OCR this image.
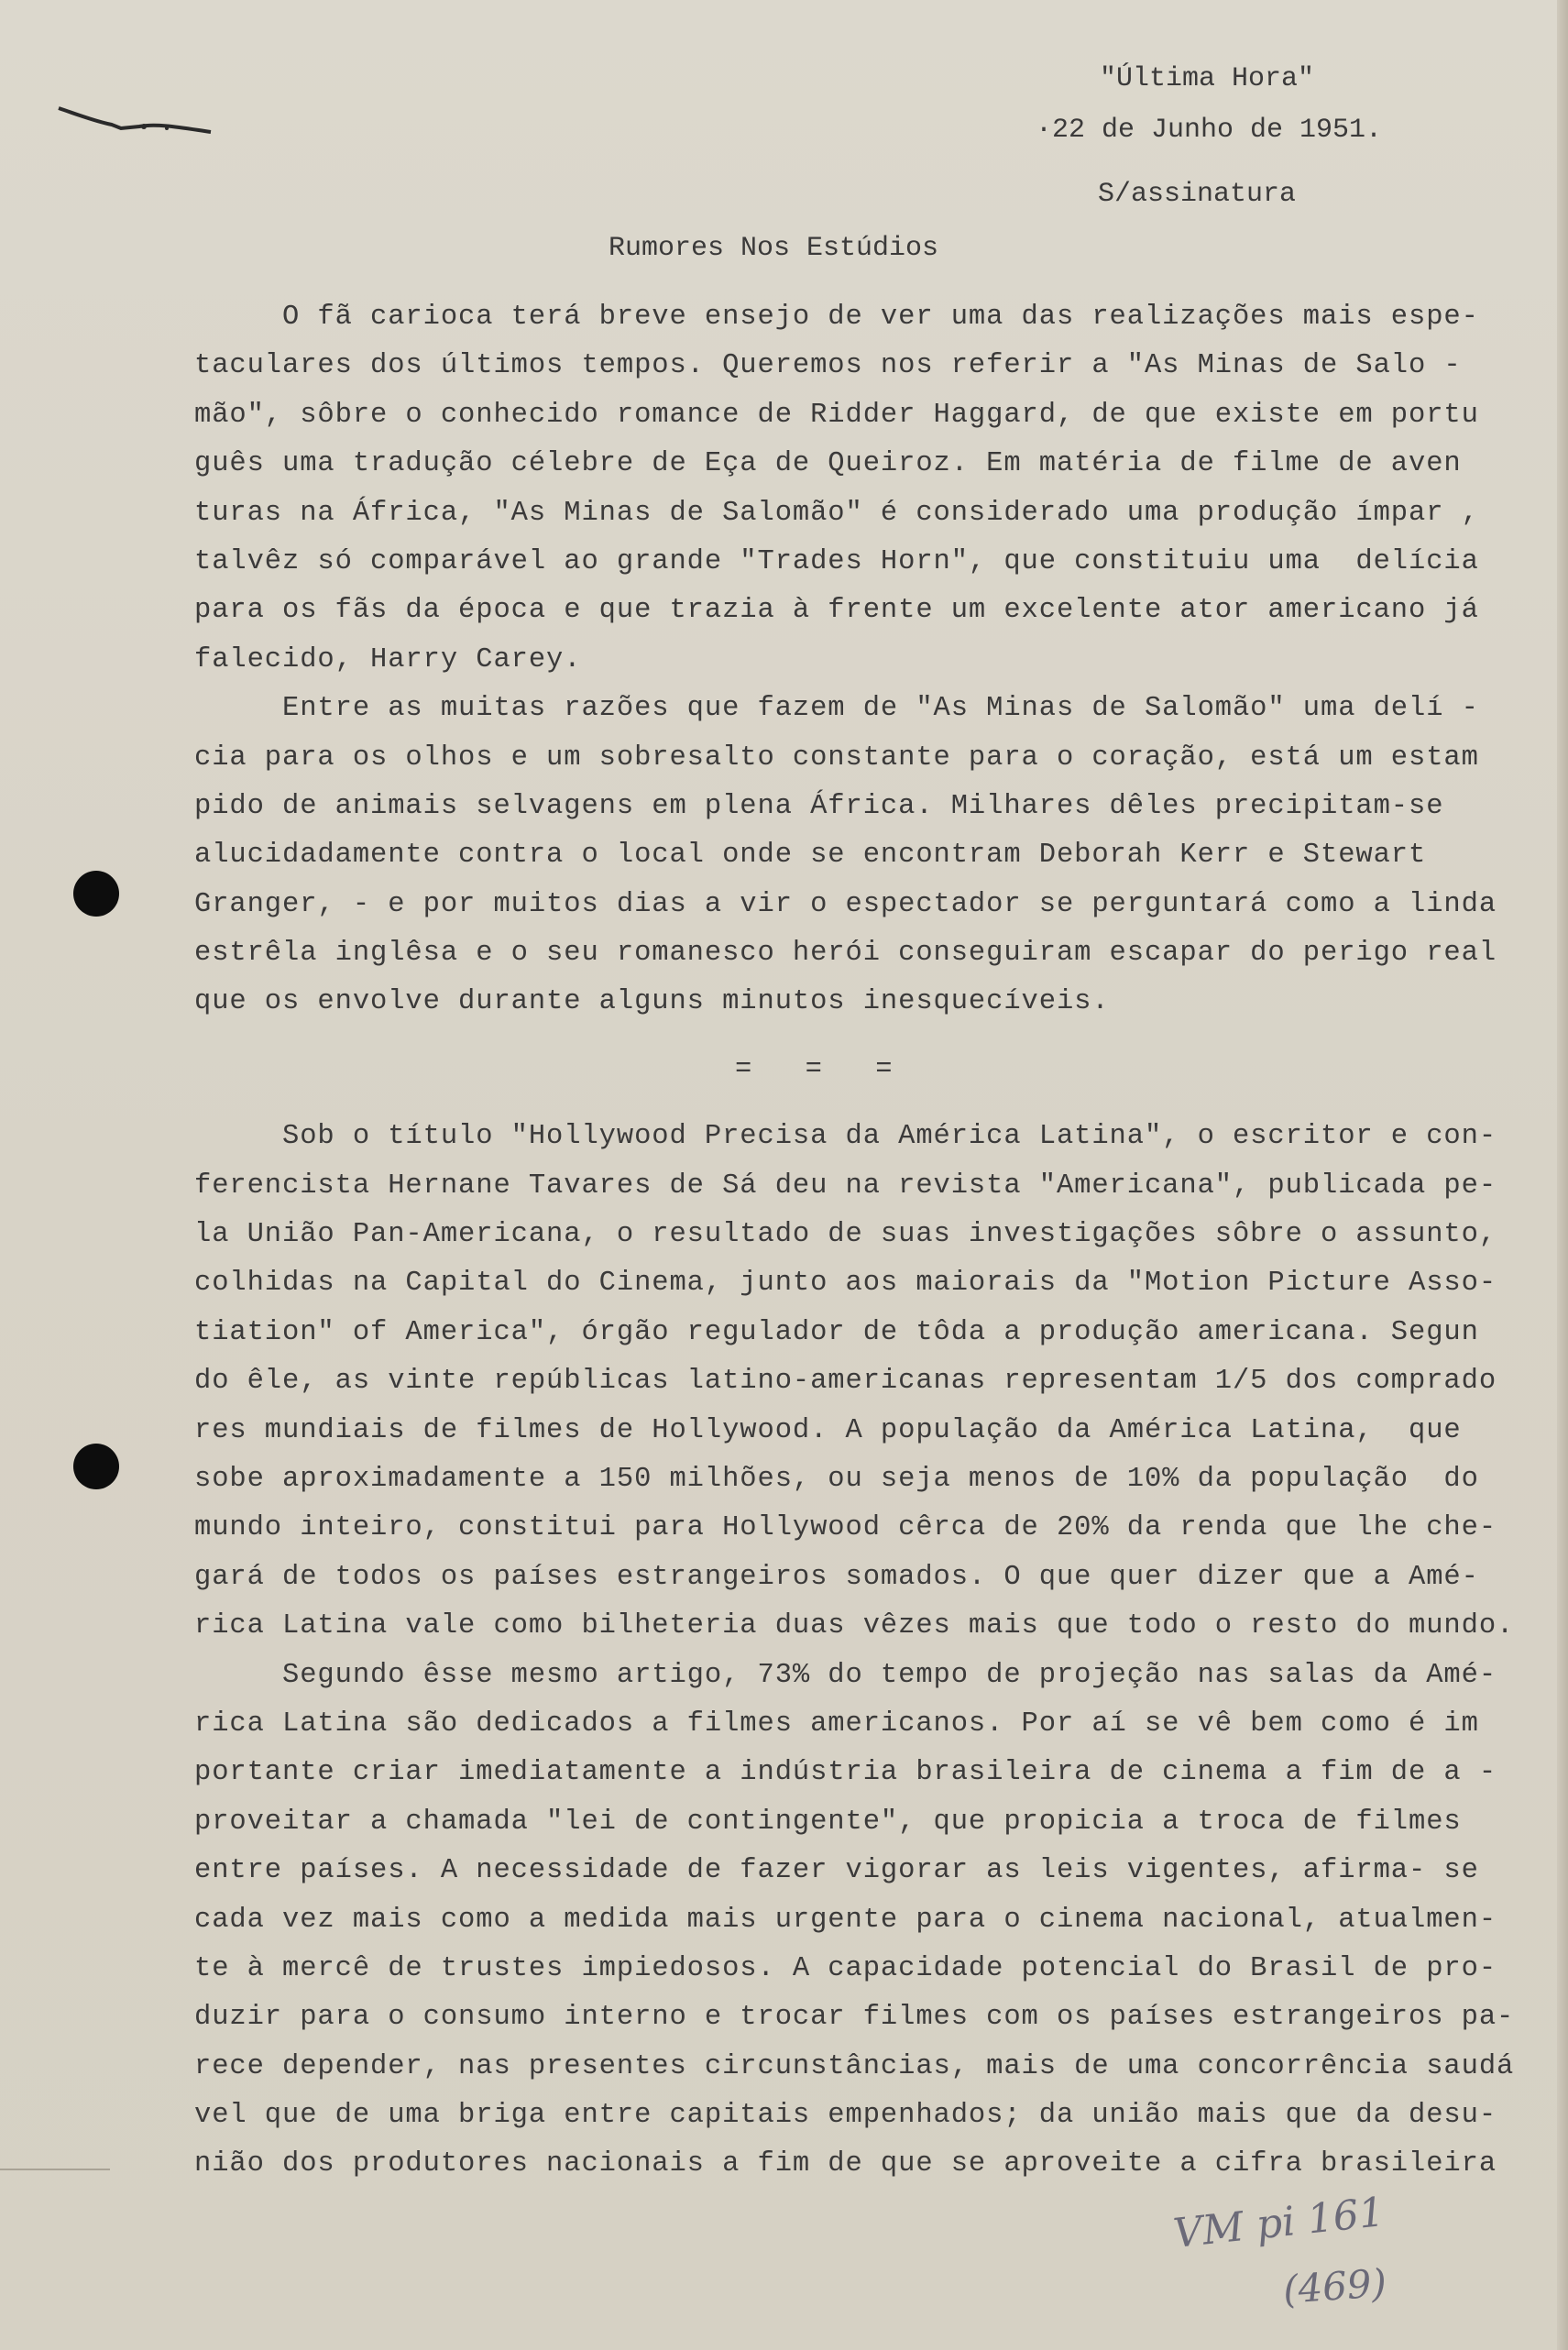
"Última Hora"
·22 de Junho de 1951.
S/assinatura
Rumores Nos Estúdios
O fã carioca terá breve ensejo de ver uma das realizações mais espe-
taculares dos últimos tempos. Queremos nos referir a "As Minas de Salo -
mão", sôbre o conhecido romance de Ridder Haggard, de que existe em portu
guês uma tradução célebre de Eça de Queiroz. Em matéria de filme de aven
turas na África, "As Minas de Salomão" é considerado uma produção ímpar ,
talvêz só comparável ao grande "Trades Horn", que constituiu uma  delícia
para os fãs da época e que trazia à frente um excelente ator americano já
falecido, Harry Carey.
Entre as muitas razões que fazem de "As Minas de Salomão" uma delí -
cia para os olhos e um sobresalto constante para o coração, está um estam
pido de animais selvagens em plena África. Milhares dêles precipitam-se
alucidadamente contra o local onde se encontram Deborah Kerr e Stewart
Granger, - e por muitos dias a vir o espectador se perguntará como a linda
estrêla inglêsa e o seu romanesco herói conseguiram escapar do perigo real
que os envolve durante alguns minutos inesquecíveis.
= = =
Sob o título "Hollywood Precisa da América Latina", o escritor e con-
ferencista Hernane Tavares de Sá deu na revista "Americana", publicada pe-
la União Pan-Americana, o resultado de suas investigações sôbre o assunto,
colhidas na Capital do Cinema, junto aos maiorais da "Motion Picture Asso-
tiation" of America", órgão regulador de tôda a produção americana. Segun
do êle, as vinte repúblicas latino-americanas representam 1/5 dos comprado
res mundiais de filmes de Hollywood. A população da América Latina,  que
sobe aproximadamente a 150 milhões, ou seja menos de 10% da população  do
mundo inteiro, constitui para Hollywood cêrca de 20% da renda que lhe che-
gará de todos os países estrangeiros somados. O que quer dizer que a Amé-
rica Latina vale como bilheteria duas vêzes mais que todo o resto do mundo.
Segundo êsse mesmo artigo, 73% do tempo de projeção nas salas da Amé-
rica Latina são dedicados a filmes americanos. Por aí se vê bem como é im
portante criar imediatamente a indústria brasileira de cinema a fim de a -
proveitar a chamada "lei de contingente", que propicia a troca de filmes
entre países. A necessidade de fazer vigorar as leis vigentes, afirma- se
cada vez mais como a medida mais urgente para o cinema nacional, atualmen-
te à mercê de trustes impiedosos. A capacidade potencial do Brasil de pro-
duzir para o consumo interno e trocar filmes com os países estrangeiros pa-
rece depender, nas presentes circunstâncias, mais de uma concorrência saudá
vel que de uma briga entre capitais empenhados; da união mais que da desu-
nião dos produtores nacionais a fim de que se aproveite a cifra brasileira
VM pi 161
(469)
